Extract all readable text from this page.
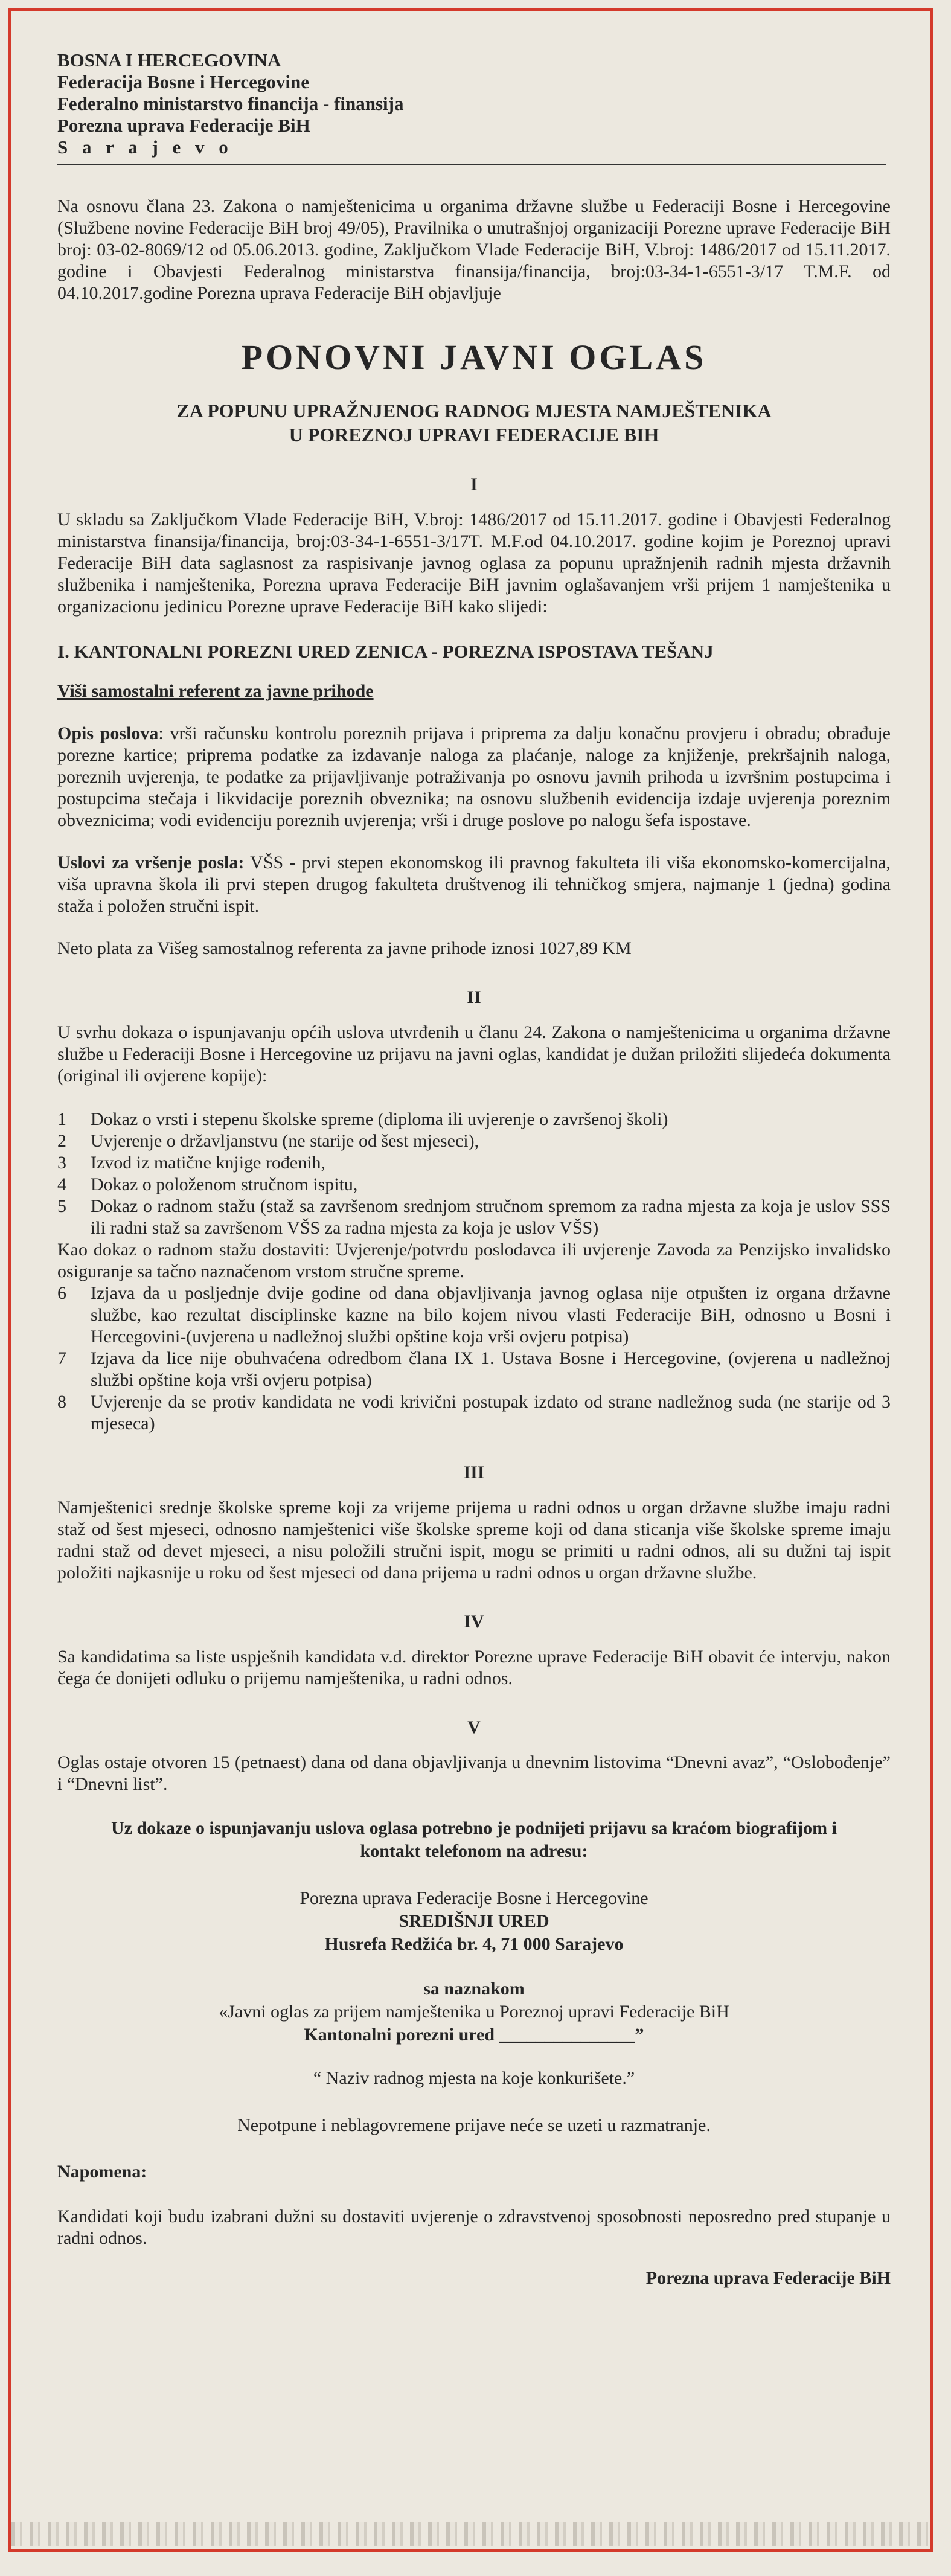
BOSNA I HERCEGOVINA
Federacija Bosne i Hercegovine
Federalno ministarstvo financija - finansija
Porezna uprava Federacije BiH
S a r a j e v o

Na osnovu člana 23. Zakona o namještenicima u organima državne službe u Federaciji Bosne i Hercegovine (Službene novine Federacije BiH broj 49/05), Pravilnika o unutrašnjoj organizaciji Porezne uprave Federacije BiH broj: 03-02-8069/12 od 05.06.2013. godine, Zaključkom Vlade Federacije BiH, V.broj: 1486/2017 od 15.11.2017. godine i Obavjesti Federalnog ministarstva finansija/financija, broj:03-34-1-6551-3/17 T.M.F. od 04.10.2017.godine Porezna uprava Federacije BiH objavljuje

PONOVNI JAVNI OGLAS
ZA POPUNU UPRAŽNJENOG RADNOG MJESTA NAMJEŠTENIKA
U POREZNOJ UPRAVI FEDERACIJE BIH
I

U skladu sa Zaključkom Vlade Federacije BiH, V.broj: 1486/2017 od 15.11.2017. godine i Obavjesti Federalnog ministarstva finansija/financija, broj:03-34-1-6551-3/17T. M.F.od 04.10.2017. godine kojim je Poreznoj upravi Federacije BiH data saglasnost za raspisivanje javnog oglasa za popunu upražnjenih radnih mjesta državnih službenika i namještenika, Porezna uprava Federacije BiH javnim oglašavanjem vrši prijem 1 namještenika u organizacionu jedinicu Porezne uprave Federacije BiH kako slijedi:

I. KANTONALNI POREZNI URED ZENICA - POREZNA ISPOSTAVA TEŠANJ
Viši samostalni referent za javne prihode

Opis poslova: vrši računsku kontrolu poreznih prijava i priprema za dalju konačnu provjeru i obradu; obrađuje porezne kartice; priprema podatke za izdavanje naloga za plaćanje, naloge za knjiženje, prekršajnih naloga, poreznih uvjerenja, te podatke za prijavljivanje potraživanja po osnovu javnih prihoda u izvršnim postupcima i postupcima stečaja i likvidacije poreznih obveznika; na osnovu službenih evidencija izdaje uvjerenja poreznim obveznicima; vodi evidenciju poreznih uvjerenja; vrši i druge poslove po nalogu šefa ispostave.

Uslovi za vršenje posla: VŠS - prvi stepen ekonomskog ili pravnog fakulteta ili viša ekonomsko-komercijalna, viša upravna škola ili prvi stepen drugog fakulteta društvenog ili tehničkog smjera, najmanje 1 (jedna) godina staža i položen stručni ispit.

Neto plata za Višeg samostalnog referenta za javne prihode iznosi 1027,89 KM

II

U svrhu dokaza o ispunjavanju općih uslova utvrđenih u članu 24. Zakona o namještenicima u organima državne službe u Federaciji Bosne i Hercegovine uz prijavu na javni oglas, kandidat je dužan priložiti slijedeća dokumenta (original ili ovjerene kopije):

1	Dokaz o vrsti i stepenu školske spreme (diploma ili uvjerenje o završenoj školi)
2	Uvjerenje o državljanstvu (ne starije od šest mjeseci),
3	Izvod iz matične knjige rođenih,
4	Dokaz o položenom stručnom ispitu,
5	Dokaz o radnom stažu (staž sa završenom srednjom stručnom spremom za radna mjesta za koja je uslov SSS ili radni staž sa završenom VŠS za radna mjesta za koja je uslov VŠS)

Kao dokaz o radnom stažu dostaviti: Uvjerenje/potvrdu poslodavca ili uvjerenje Zavoda za Penzijsko invalidsko osiguranje sa tačno naznačenom vrstom stručne spreme.

6	Izjava da u posljednje dvije godine od dana objavljivanja javnog oglasa nije otpušten iz organa državne službe, kao rezultat disciplinske kazne na bilo kojem nivou vlasti Federacije BiH, odnosno u Bosni i Hercegovini-(uvjerena u nadležnoj službi opštine koja vrši ovjeru potpisa)
7	Izjava da lice nije obuhvaćena odredbom člana IX 1. Ustava Bosne i Hercegovine, (ovjerena u nadležnoj službi opštine koja vrši ovjeru potpisa)
8	Uvjerenje da se protiv kandidata ne vodi krivični postupak izdato od strane nadležnog suda (ne starije od 3 mjeseca)
III

Namještenici srednje školske spreme koji za vrijeme prijema u radni odnos u organ državne službe imaju radni staž od šest mjeseci, odnosno namještenici više školske spreme koji od dana sticanja više školske spreme imaju radni staž od devet mjeseci, a nisu položili stručni ispit, mogu se primiti u radni odnos, ali su dužni taj ispit položiti najkasnije u roku od šest mjeseci od dana prijema u radni odnos u organ državne službe.

IV

Sa kandidatima sa liste uspješnih kandidata v.d. direktor Porezne uprave Federacije BiH obavit će intervju, nakon čega će donijeti odluku o prijemu namještenika, u radni odnos.

V

Oglas ostaje otvoren 15 (petnaest) dana od dana objavljivanja u dnevnim listovima “Dnevni avaz”, “Oslobođenje” i “Dnevni list”.

Uz dokaze o ispunjavanju uslova oglasa potrebno je podnijeti prijavu sa kraćom biografijom i
kontakt telefonom na adresu:
Porezna uprava Federacije Bosne i Hercegovine
SREDIŠNJI URED
Husrefa Redžića br. 4, 71 000 Sarajevo
sa naznakom
«Javni oglas za prijem namještenika u Poreznoj upravi Federacije BiH
Kantonalni porezni ured _______________”
“ Naziv radnog mjesta na koje konkurišete.”
Nepotpune i neblagovremene prijave neće se uzeti u razmatranje.
Napomena:

Kandidati koji budu izabrani dužni su dostaviti uvjerenje o zdravstvenoj sposobnosti neposredno pred stupanje u radni odnos.

Porezna uprava Federacije BiH
